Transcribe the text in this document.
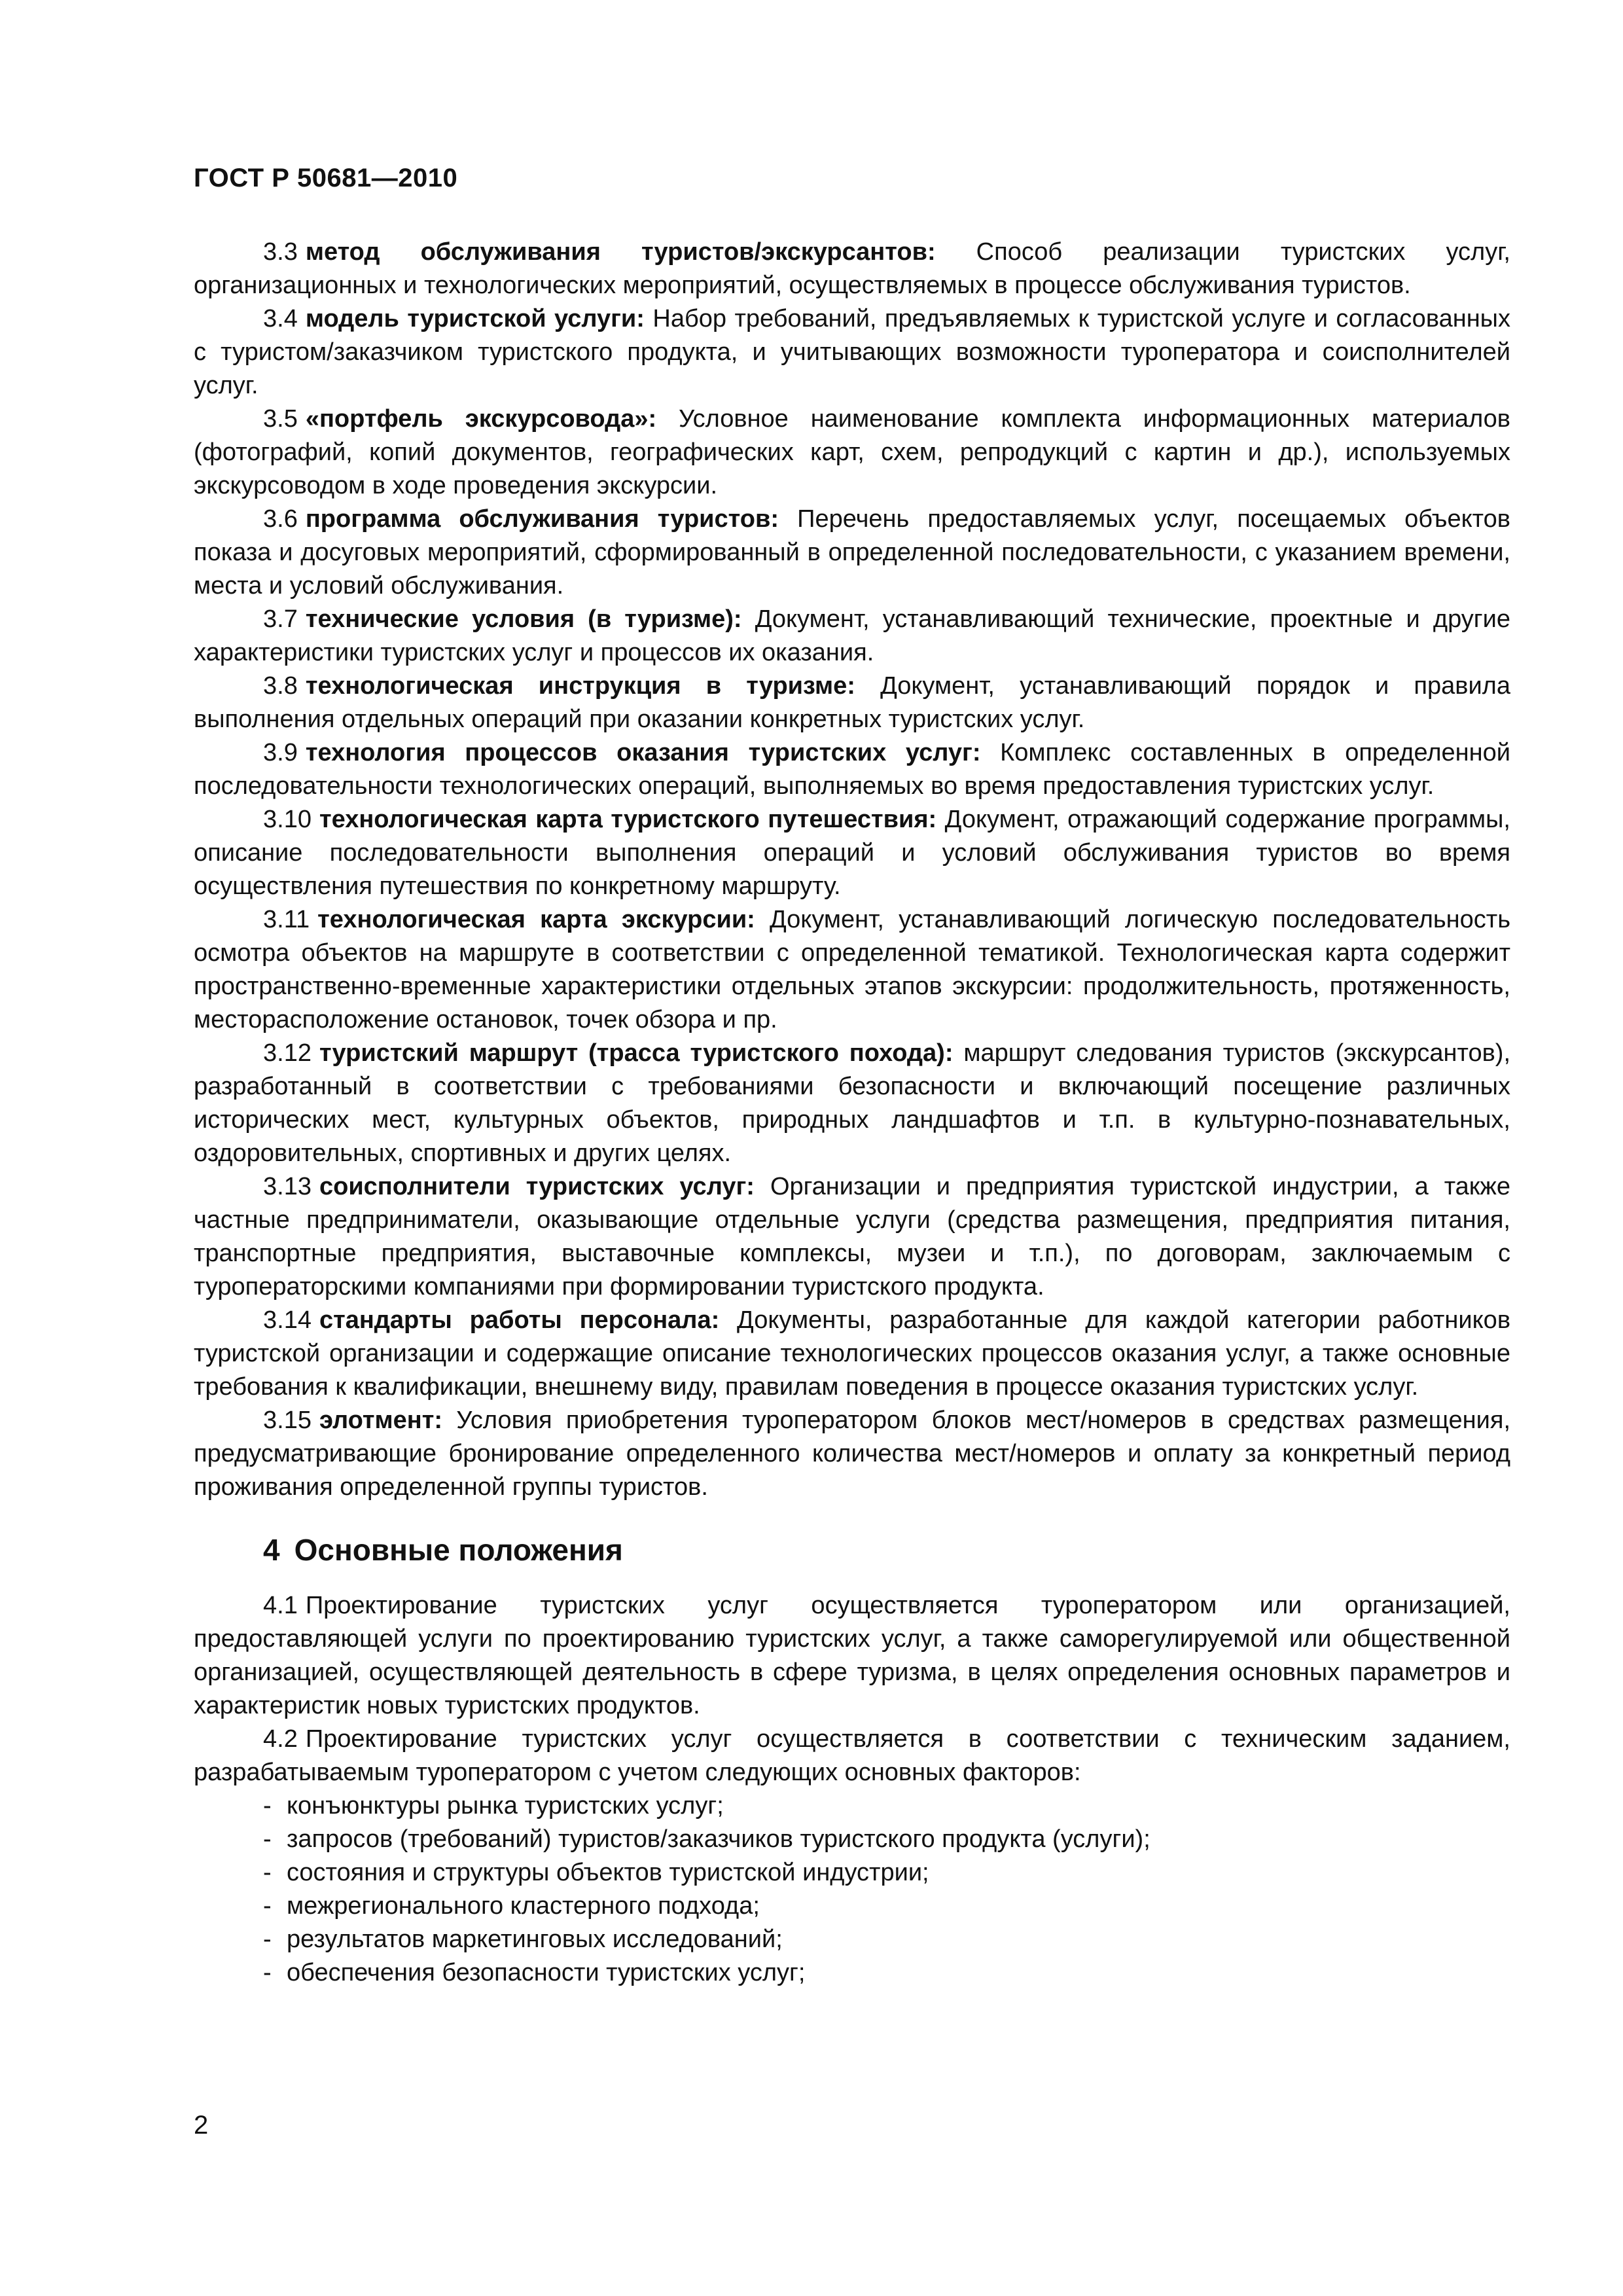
ГОСТ Р 50681—2010

3.3 метод обслуживания туристов/экскурсантов: Способ реализации туристских услуг, организационных и технологических мероприятий, осуществляемых в процессе обслуживания туристов.

3.4 модель туристской услуги: Набор требований, предъявляемых к туристской услуге и согласованных с туристом/заказчиком туристского продукта, и учитывающих возможности туроператора и соисполнителей услуг.

3.5 «портфель экскурсовода»: Условное наименование комплекта информационных материалов (фотографий, копий документов, географических карт, схем, репродукций с картин и др.), используемых экскурсоводом в ходе проведения экскурсии.

3.6 программа обслуживания туристов: Перечень предоставляемых услуг, посещаемых объектов показа и досуговых мероприятий, сформированный в определенной последовательности, с указанием времени, места и условий обслуживания.

3.7 технические условия (в туризме): Документ, устанавливающий технические, проектные и другие характеристики туристских услуг и процессов их оказания.

3.8 технологическая инструкция в туризме: Документ, устанавливающий порядок и правила выполнения отдельных операций при оказании конкретных туристских услуг.

3.9 технология процессов оказания туристских услуг: Комплекс составленных в определенной последовательности технологических операций, выполняемых во время предоставления туристских услуг.

3.10 технологическая карта туристского путешествия: Документ, отражающий содержание программы, описание последовательности выполнения операций и условий обслуживания туристов во время осуществления путешествия по конкретному маршруту.

3.11 технологическая карта экскурсии: Документ, устанавливающий логическую последовательность осмотра объектов на маршруте в соответствии с определенной тематикой. Технологическая карта содержит пространственно-временные характеристики отдельных этапов экскурсии: продолжительность, протяженность, месторасположение остановок, точек обзора и пр.

3.12 туристский маршрут (трасса туристского похода): маршрут следования туристов (экскурсантов), разработанный в соответствии с требованиями безопасности и включающий посещение различных исторических мест, культурных объектов, природных ландшафтов и т.п. в культурно-познавательных, оздоровительных, спортивных и других целях.

3.13 соисполнители туристских услуг: Организации и предприятия туристской индустрии, а также частные предприниматели, оказывающие отдельные услуги (средства размещения, предприятия питания, транспортные предприятия, выставочные комплексы, музеи и т.п.), по договорам, заключаемым с туроператорскими компаниями при формировании туристского продукта.

3.14 стандарты работы персонала: Документы, разработанные для каждой категории работников туристской организации и содержащие описание технологических процессов оказания услуг, а также основные требования к квалификации, внешнему виду, правилам поведения в процессе оказания туристских услуг.

3.15 элотмент: Условия приобретения туроператором блоков мест/номеров в средствах размещения, предусматривающие бронирование определенного количества мест/номеров и оплату за конкретный период проживания определенной группы туристов.

4 Основные положения

4.1 Проектирование туристских услуг осуществляется туроператором или организацией, предоставляющей услуги по проектированию туристских услуг, а также саморегулируемой или общественной организацией, осуществляющей деятельность в сфере туризма, в целях определения основных параметров и характеристик новых туристских продуктов.

4.2 Проектирование туристских услуг осуществляется в соответствии с техническим заданием, разрабатываемым туроператором с учетом следующих основных факторов:

- конъюнктуры рынка туристских услуг;
- запросов (требований) туристов/заказчиков туристского продукта (услуги);
- состояния и структуры объектов туристской индустрии;
- межрегионального кластерного подхода;
- результатов маркетинговых исследований;
- обеспечения безопасности туристских услуг;
2
